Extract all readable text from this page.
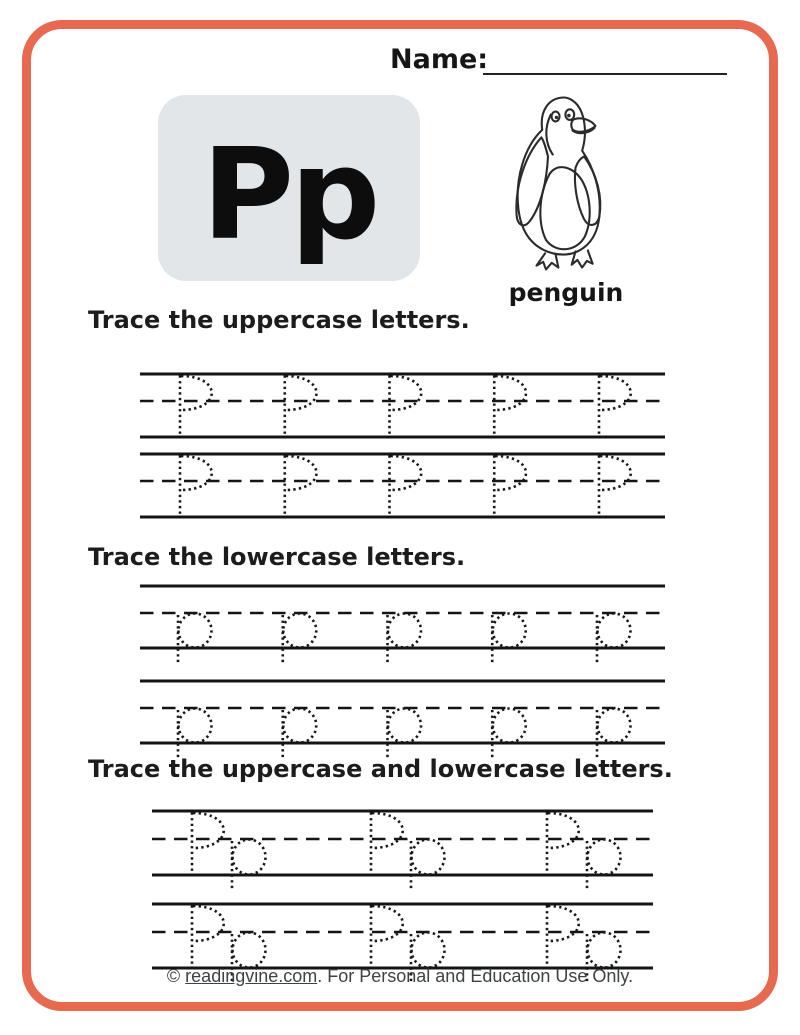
Name:
Pp
penguin
Trace the uppercase letters.
Trace the lowercase letters.
Trace the uppercase and lowercase letters.
© readingvine.com. For Personal and Education Use Only.
